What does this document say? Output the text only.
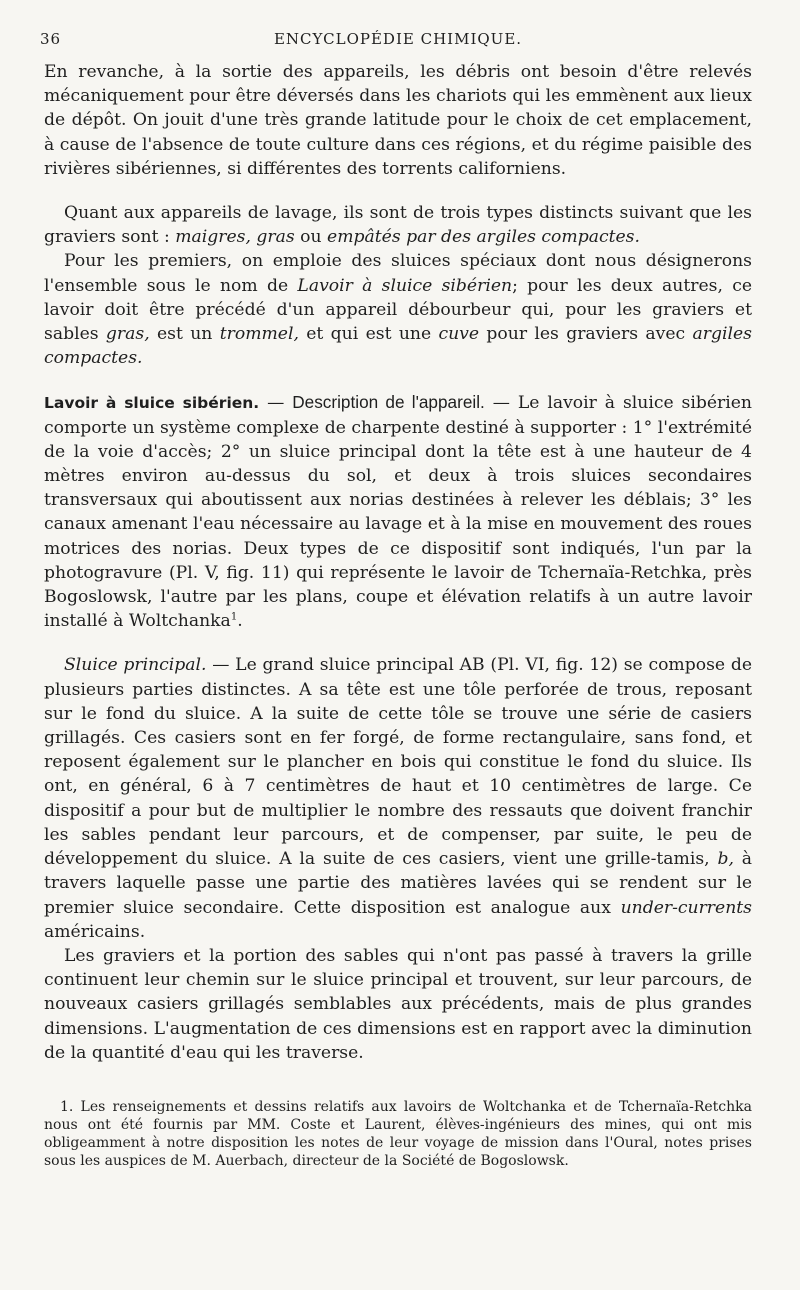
36	ENCYCLOPÉDIE CHIMIQUE.

En revanche, à la sortie des appareils, les débris ont besoin d'être relevés mécaniquement pour être déversés dans les chariots qui les emmènent aux lieux de dépôt. On jouit d'une très grande latitude pour le choix de cet emplacement, à cause de l'absence de toute culture dans ces régions, et du régime paisible des rivières sibériennes, si différentes des torrents californiens.

Quant aux appareils de lavage, ils sont de trois types distincts suivant que les graviers sont : maigres, gras ou empâtés par des argiles compactes.

Pour les premiers, on emploie des sluices spéciaux dont nous désignerons l'ensemble sous le nom de Lavoir à sluice sibérien; pour les deux autres, ce lavoir doit être précédé d'un appareil débourbeur qui, pour les graviers et sables gras, est un trommel, et qui est une cuve pour les graviers avec argiles compactes.

Lavoir à sluice sibérien. — Description de l'appareil. — Le lavoir à sluice sibérien comporte un système complexe de charpente destiné à supporter : 1° l'extrémité de la voie d'accès; 2° un sluice principal dont la tête est à une hauteur de 4 mètres environ au-dessus du sol, et deux à trois sluices secondaires transversaux qui aboutissent aux norias destinées à relever les déblais; 3° les canaux amenant l'eau nécessaire au lavage et à la mise en mouvement des roues motrices des norias. Deux types de ce dispositif sont indiqués, l'un par la photogravure (Pl. V, fig. 11) qui représente le lavoir de Tchernaïa-Retchka, près Bogoslowsk, l'autre par les plans, coupe et élévation relatifs à un autre lavoir installé à Woltchanka$^1$.

Sluice principal. — Le grand sluice principal AB (Pl. VI, fig. 12) se compose de plusieurs parties distinctes. A sa tête est une tôle perforée de trous, reposant sur le fond du sluice. A la suite de cette tôle se trouve une série de casiers grillagés. Ces casiers sont en fer forgé, de forme rectangulaire, sans fond, et reposent également sur le plancher en bois qui constitue le fond du sluice. Ils ont, en général, 6 à 7 centimètres de haut et 10 centimètres de large. Ce dispositif a pour but de multiplier le nombre des ressauts que doivent franchir les sables pendant leur parcours, et de compenser, par suite, le peu de développement du sluice. A la suite de ces casiers, vient une grille-tamis, b, à travers laquelle passe une partie des matières lavées qui se rendent sur le premier sluice secondaire. Cette disposition est analogue aux under-currents américains.

Les graviers et la portion des sables qui n'ont pas passé à travers la grille continuent leur chemin sur le sluice principal et trouvent, sur leur parcours, de nouveaux casiers grillagés semblables aux précédents, mais de plus grandes dimensions. L'augmentation de ces dimensions est en rapport avec la diminution de la quantité d'eau qui les traverse.

1. Les renseignements et dessins relatifs aux lavoirs de Woltchanka et de Tchernaïa-Retchka nous ont été fournis par MM. Coste et Laurent, élèves-ingénieurs des mines, qui ont mis obligeamment à notre disposition les notes de leur voyage de mission dans l'Oural, notes prises sous les auspices de M. Auerbach, directeur de la Société de Bogoslowsk.
